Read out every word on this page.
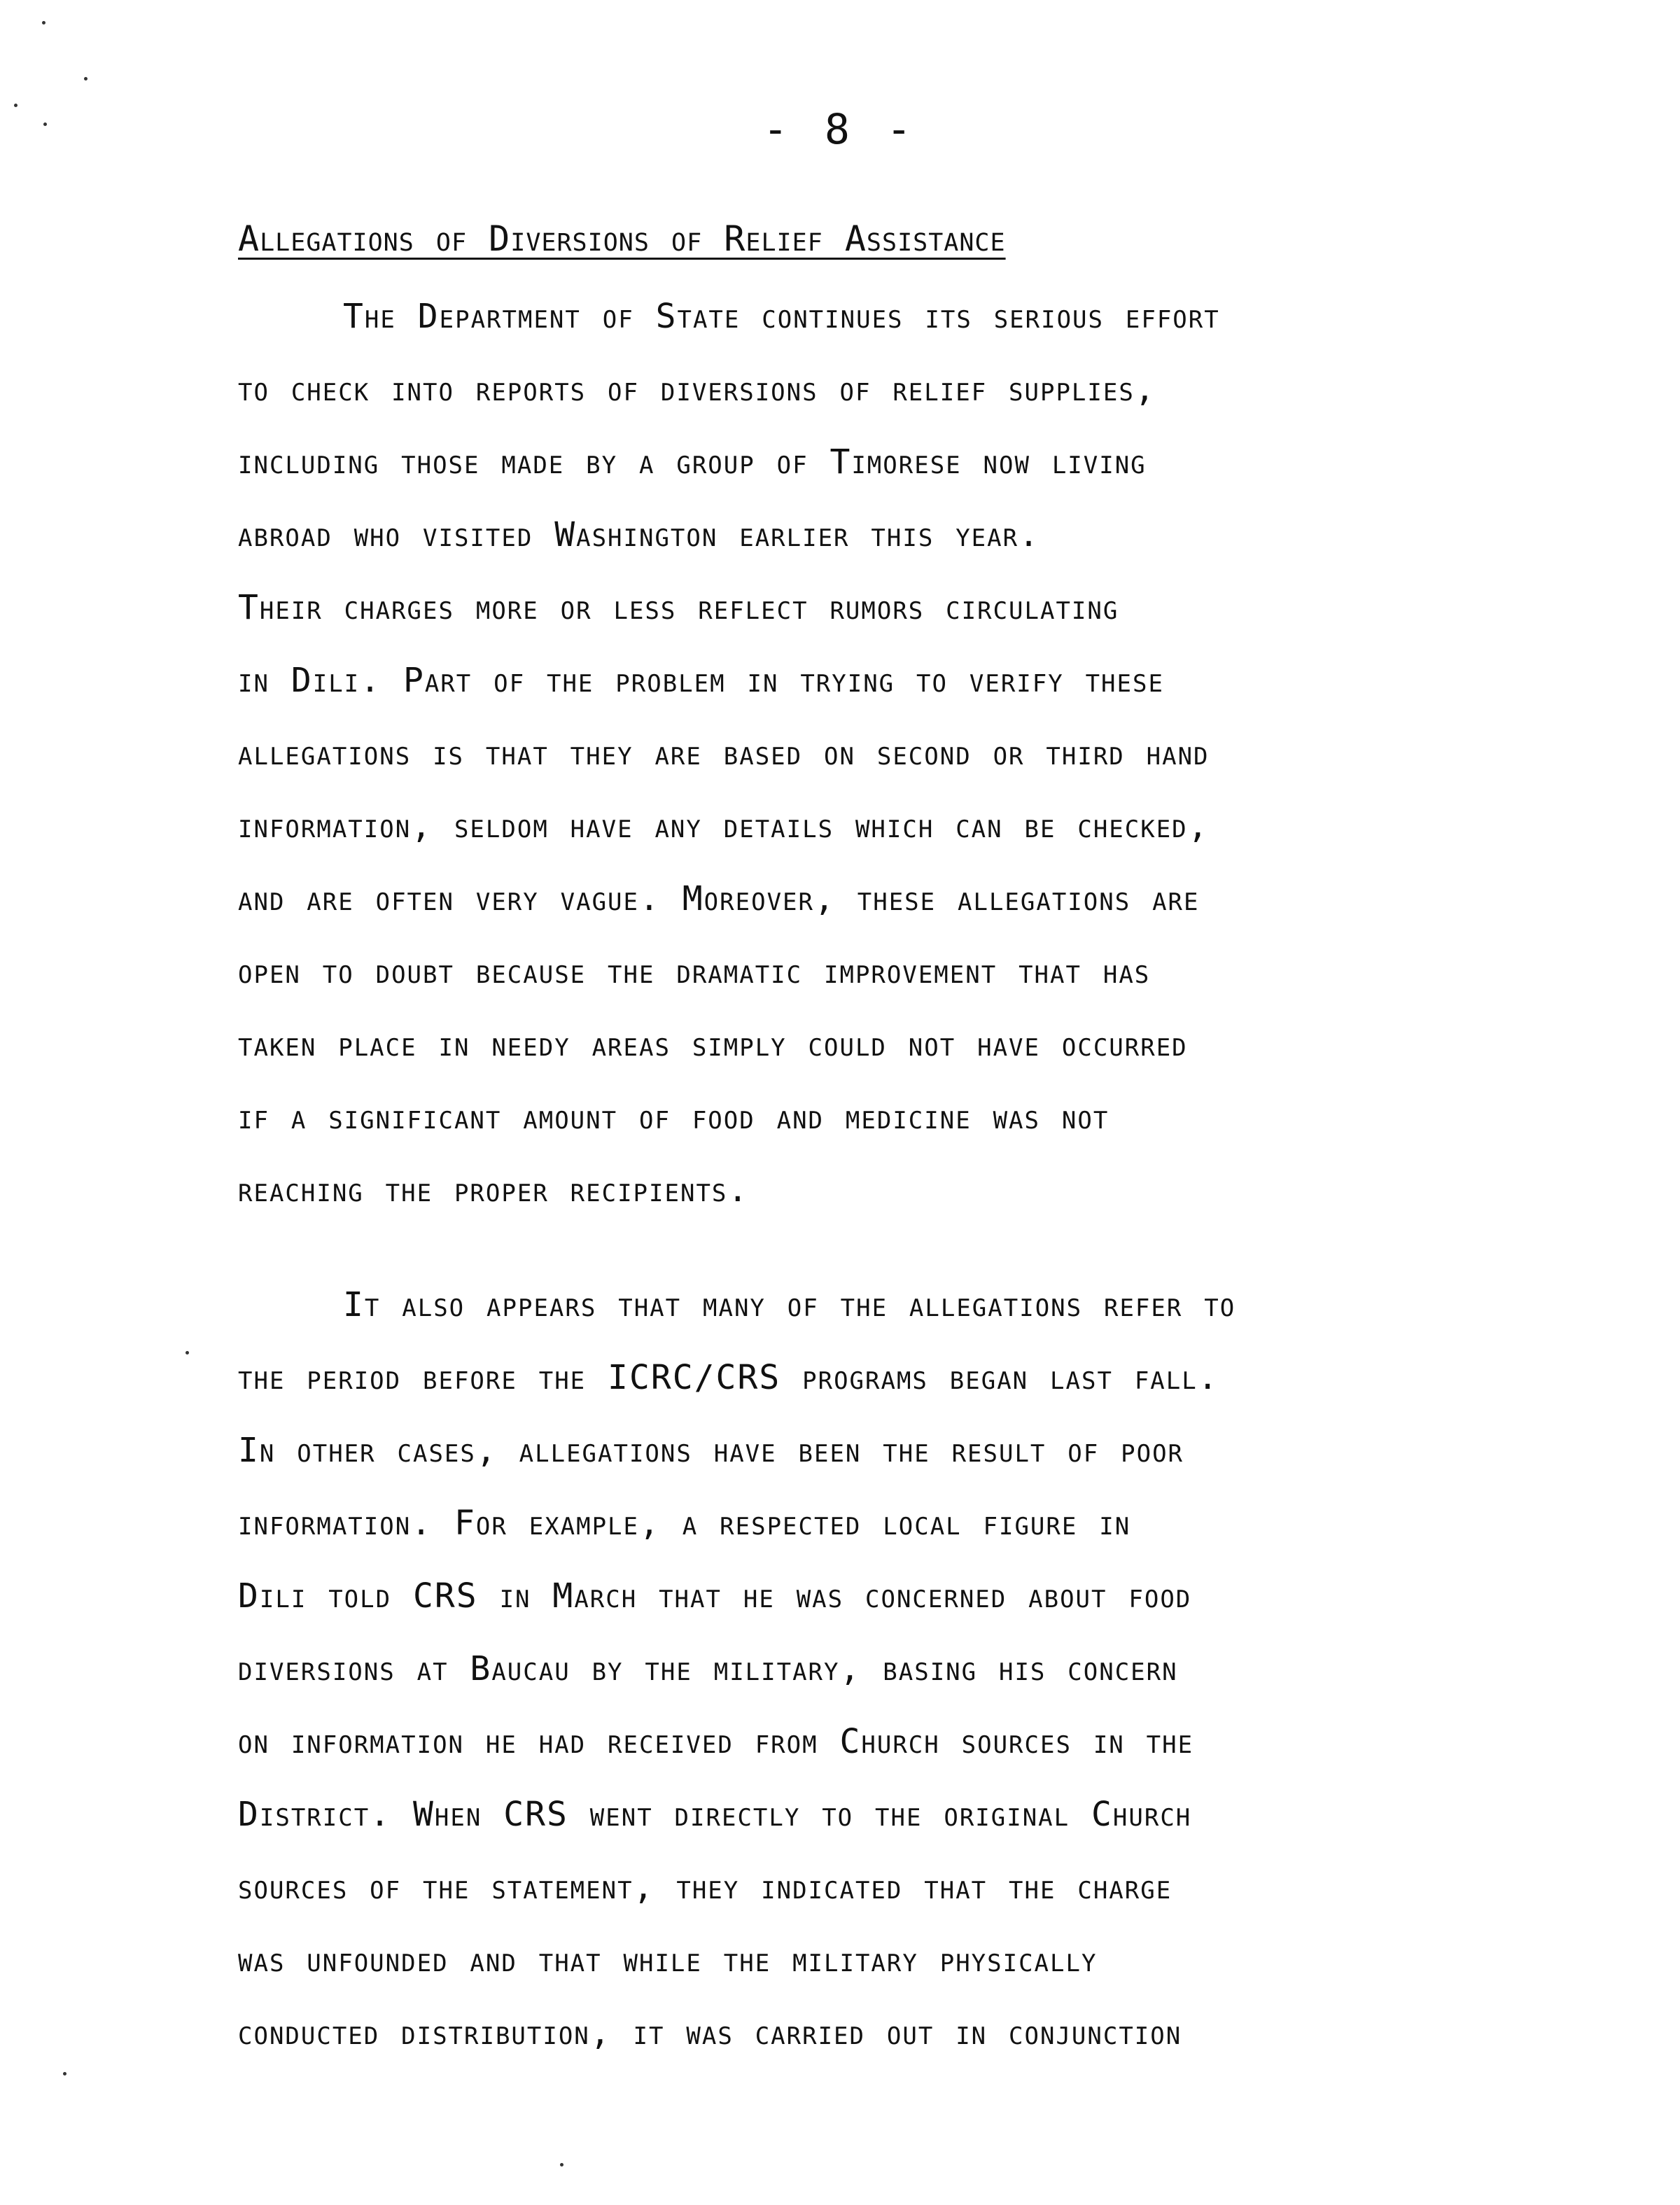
- 8 -
Allegations of Diversions of Relief Assistance

The Department of State continues its serious effort
to check into reports of diversions of relief supplies,
including those made by a group of Timorese now living
abroad who visited Washington earlier this year.
Their charges more or less reflect rumors circulating
in Dili. Part of the problem in trying to verify these
allegations is that they are based on second or third hand
information, seldom have any details which can be checked,
and are often very vague. Moreover, these allegations are
open to doubt because the dramatic improvement that has
taken place in needy areas simply could not have occurred
if a significant amount of food and medicine was not
reaching the proper recipients.

It also appears that many of the allegations refer to
the period before the ICRC/CRS programs began last fall.
In other cases, allegations have been the result of poor
information. For example, a respected local figure in
Dili told CRS in March that he was concerned about food
diversions at Baucau by the military, basing his concern
on information he had received from Church sources in the
District. When CRS went directly to the original Church
sources of the statement, they indicated that the charge
was unfounded and that while the military physically
conducted distribution, it was carried out in conjunction
